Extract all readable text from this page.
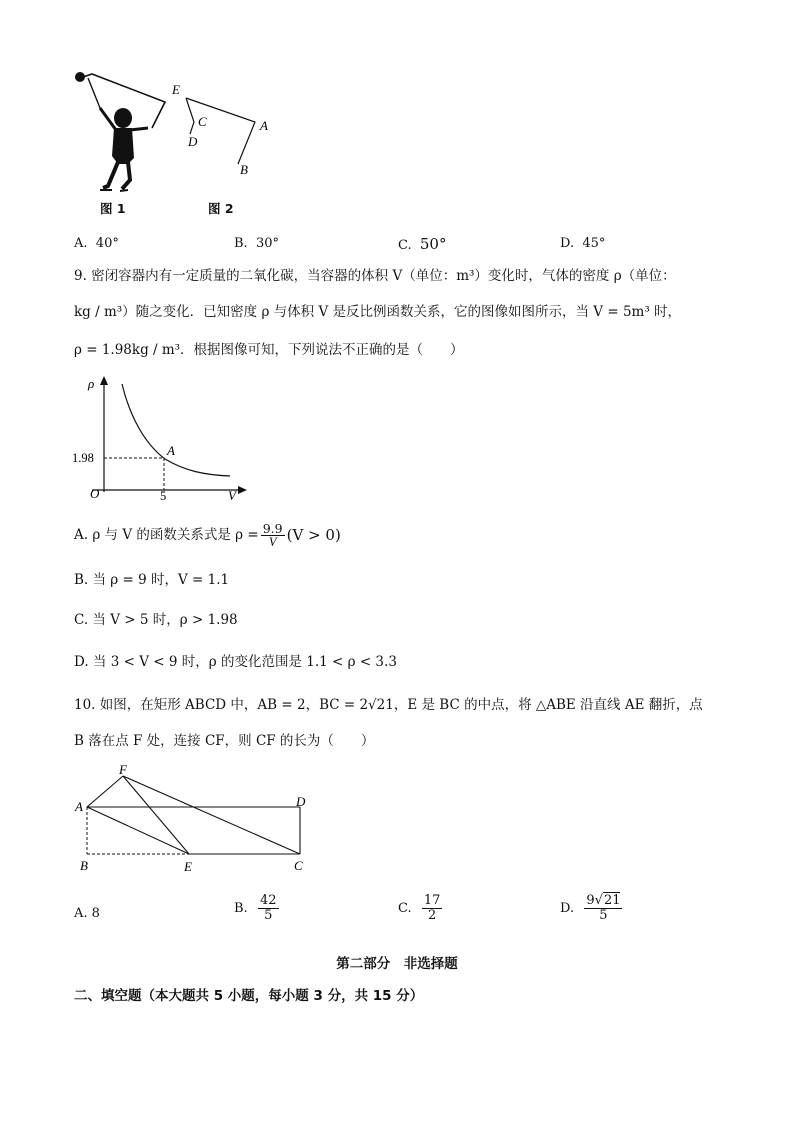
E
C
D
A
B
图 1	图 2
A. 40°	B. 30°	C. 50°	D. 45°
9. 密闭容器内有一定质量的二氧化碳，当容器的体积 V（单位：m³）变化时，气体的密度 ρ（单位：
kg / m³）随之变化．已知密度 ρ 与体积 V 是反比例函数关系，它的图像如图所示，当 V = 5m³ 时，
ρ = 1.98kg / m³．根据图像可知，下列说法不正确的是（　　）
ρ
V
O
1.98
5
A
A. ρ 与 V 的函数关系式是 $\rho = \frac{9.9}{V} (V > 0)$
B. 当 ρ = 9 时，V = 1.1
C. 当 V > 5 时，ρ > 1.98
D. 当 3 < V < 9 时，ρ 的变化范围是 1.1 < ρ < 3.3
10. 如图，在矩形 ABCD 中，AB = 2，BC = 2√21，E 是 BC 的中点，将 △ABE 沿直线 AE 翻折，点
B 落在点 F 处，连接 CF，则 CF 的长为（　　）
F
A	D
B	E	C
A. 8	B.
$\frac{42}{5}$	C.
$\frac{17}{2}$	D.
$\frac{9√21}{5}$
第二部分　非选择题
二、填空题（本大题共 5 小题，每小题 3 分，共 15 分）
